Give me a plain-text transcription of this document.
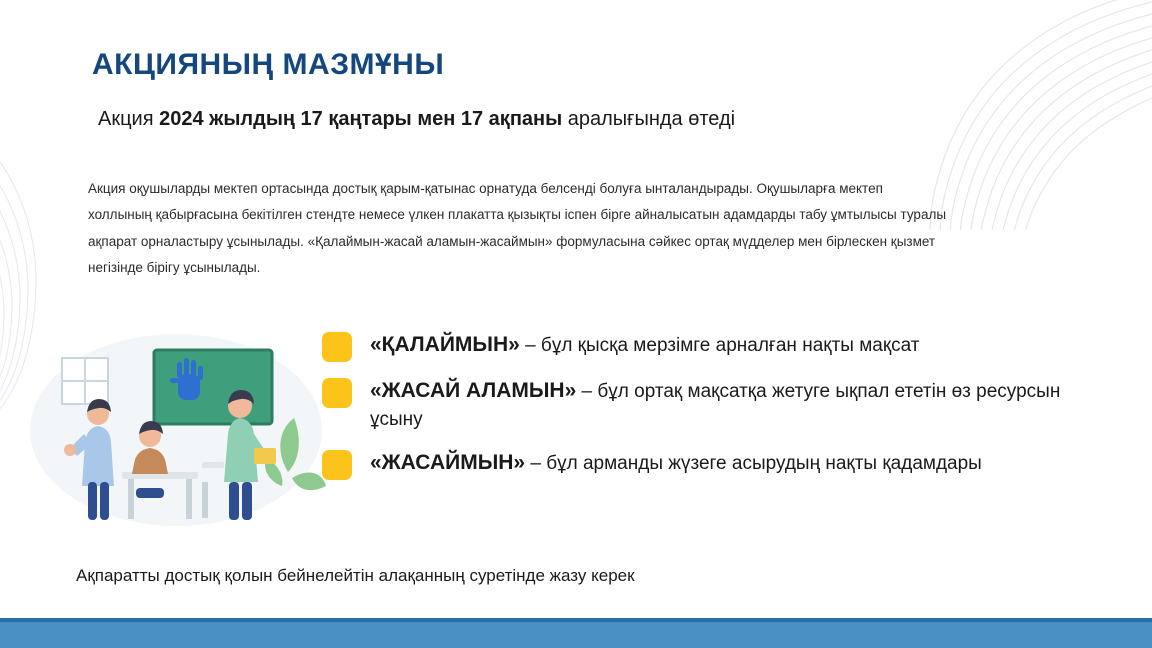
АКЦИЯНЫҢ МАЗМҰНЫ
Акция 2024 жылдың 17 қаңтары мен 17 ақпаны аралығында өтеді
Акция оқушыларды мектеп ортасында достық қарым-қатынас орнатуда белсенді болуға ынталандырады. Оқушыларға мектеп холлының қабырғасына бекітілген стендте немесе үлкен плакатта қызықты іспен бірге айналысатын адамдарды табу ұмтылысы туралы ақпарат орналастыру ұсынылады. «Қалаймын-жасай аламын-жасаймын» формуласына сәйкес ортақ мүдделер мен бірлескен қызмет негізінде бірігу ұсынылады.
«ҚАЛАЙМЫН» – бұл қысқа мерзімге арналған нақты мақсат
«ЖАСАЙ АЛАМЫН» – бұл ортақ мақсатқа жетуге ықпал ететін өз ресурсын ұсыну
«ЖАСАЙМЫН» – бұл арманды жүзеге асырудың нақты қадамдары
Ақпаратты достық қолын бейнелейтін алақанның суретінде жазу керек
